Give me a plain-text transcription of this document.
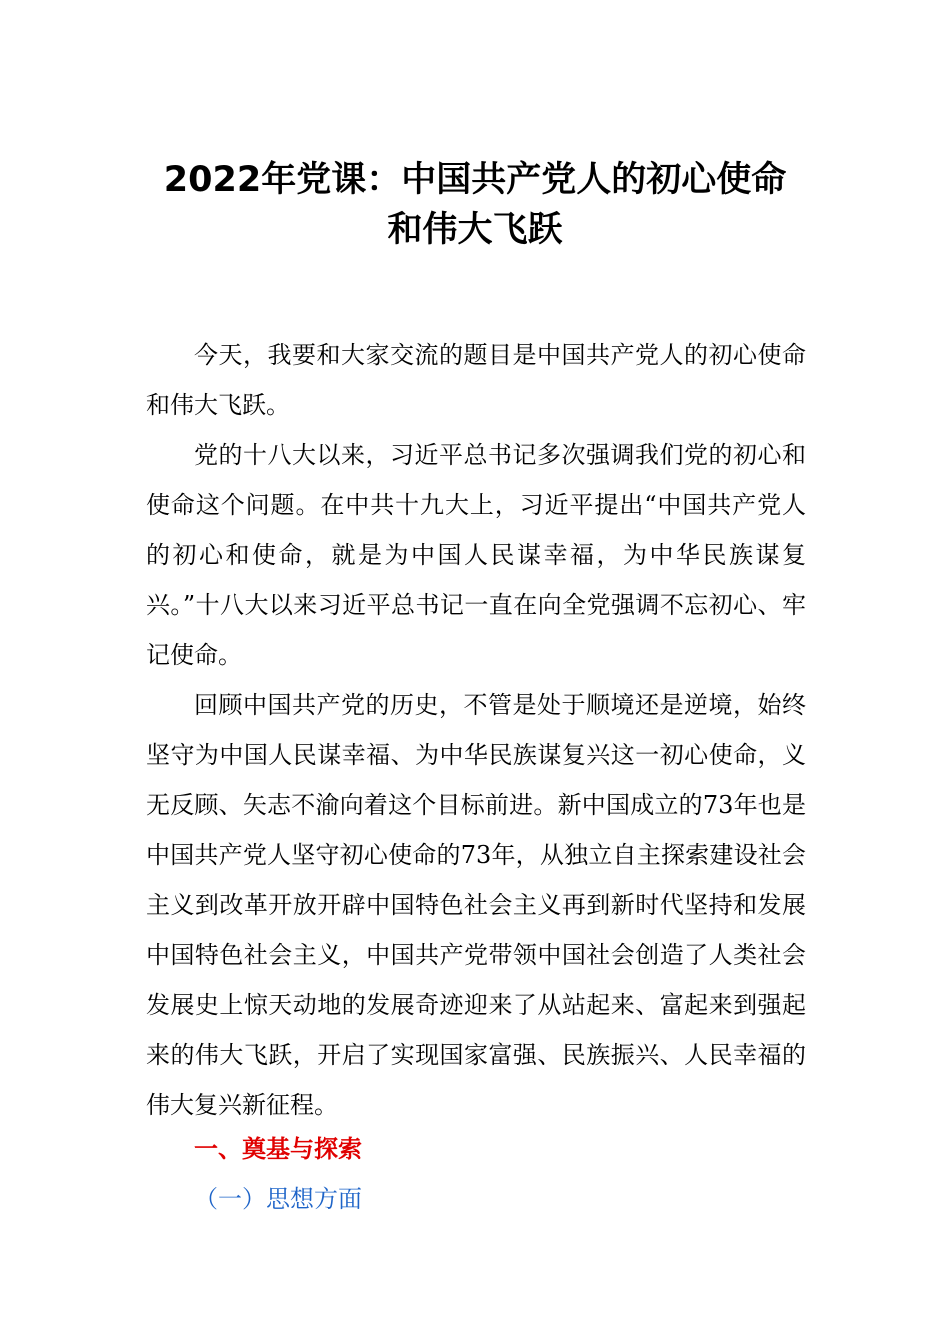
2022年党课：中国共产党人的初心使命
和伟大飞跃

今天，我要和大家交流的题目是中国共产党人的初心使命和伟大飞跃。

党的十八大以来，习近平总书记多次强调我们党的初心和使命这个问题。在中共十九大上，习近平提出“中国共产党人的初心和使命，就是为中国人民谋幸福，为中华民族谋复兴。”十八大以来习近平总书记一直在向全党强调不忘初心、牢记使命。

回顾中国共产党的历史，不管是处于顺境还是逆境，始终坚守为中国人民谋幸福、为中华民族谋复兴这一初心使命，义无反顾、矢志不渝向着这个目标前进。新中国成立的73年也是中国共产党人坚守初心使命的73年，从独立自主探索建设社会主义到改革开放开辟中国特色社会主义再到新时代坚持和发展中国特色社会主义，中国共产党带领中国社会创造了人类社会发展史上惊天动地的发展奇迹迎来了从站起来、富起来到强起来的伟大飞跃，开启了实现国家富强、民族振兴、人民幸福的伟大复兴新征程。

一、奠基与探索
（一）思想方面
